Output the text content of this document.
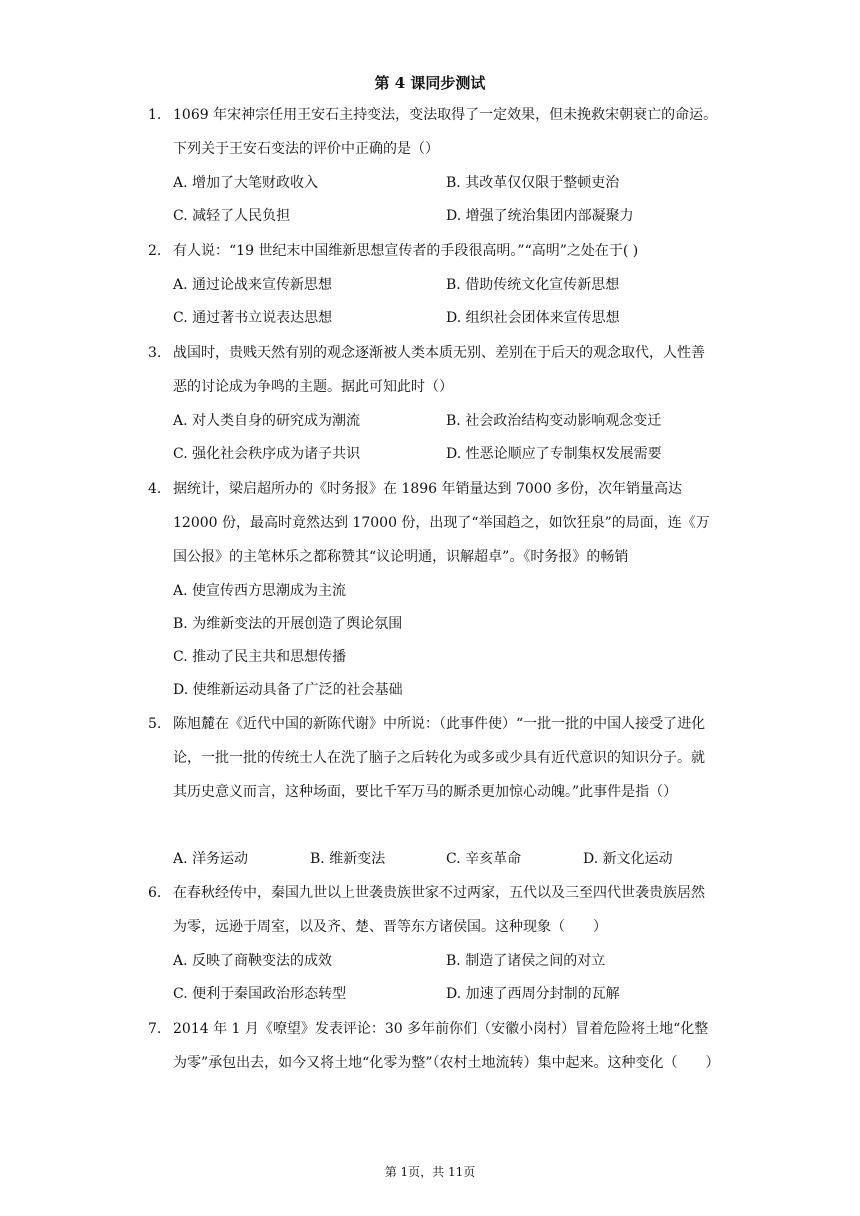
第 4 课同步测试
1. 1069 年宋神宗任用王安石主持变法，变法取得了一定效果，但未挽救宋朝衰亡的命运。下列关于王安石变法的评价中正确的是（）
A. 增加了大笔财政收入	B. 其改革仅仅限于整顿吏治
C. 减轻了人民负担	D. 增强了统治集团内部凝聚力
2. 有人说：“19 世纪末中国维新思想宣传者的手段很高明。”“高明”之处在于( )
A. 通过论战来宣传新思想	B. 借助传统文化宣传新思想
C. 通过著书立说表达思想	D. 组织社会团体来宣传思想
3. 战国时，贵贱天然有别的观念逐渐被人类本质无别、差别在于后天的观念取代，人性善恶的讨论成为争鸣的主题。据此可知此时（）
A. 对人类自身的研究成为潮流	B. 社会政治结构变动影响观念变迁
C. 强化社会秩序成为诸子共识	D. 性恶论顺应了专制集权发展需要
4. 据统计，梁启超所办的《时务报》在 1896 年销量达到 7000 多份，次年销量高达 12000 份，最高时竟然达到 17000 份，出现了“举国趋之，如饮狂泉”的局面，连《万国公报》的主笔林乐之都称赞其“议论明通，识解超卓”。《时务报》的畅销
A. 使宣传西方思潮成为主流
B. 为维新变法的开展创造了舆论氛围
C. 推动了民主共和思想传播
D. 使维新运动具备了广泛的社会基础
5. 陈旭麓在《近代中国的新陈代谢》中所说：（此事件使）“一批一批的中国人接受了进化论，一批一批的传统士人在洗了脑子之后转化为或多或少具有近代意识的知识分子。就其历史意义而言，这种场面，要比千军万马的厮杀更加惊心动魄。”此事件是指（）
A. 洋务运动	B. 维新变法	C. 辛亥革命	D. 新文化运动
6. 在春秋经传中，秦国九世以上世袭贵族世家不过两家，五代以及三至四代世袭贵族居然为零，远逊于周室，以及齐、楚、晋等东方诸侯国。这种现象（　　）
A. 反映了商鞅变法的成效	B. 制造了诸侯之间的对立
C. 便利于秦国政治形态转型	D. 加速了西周分封制的瓦解
7. 2014 年 1 月《嘹望》发表评论：30 多年前你们（安徽小岗村）冒着危险将土地“化整为零”承包出去，如今又将土地“化零为整”（农村土地流转）集中起来。这种变化（　　）
第 1页，共 11页
